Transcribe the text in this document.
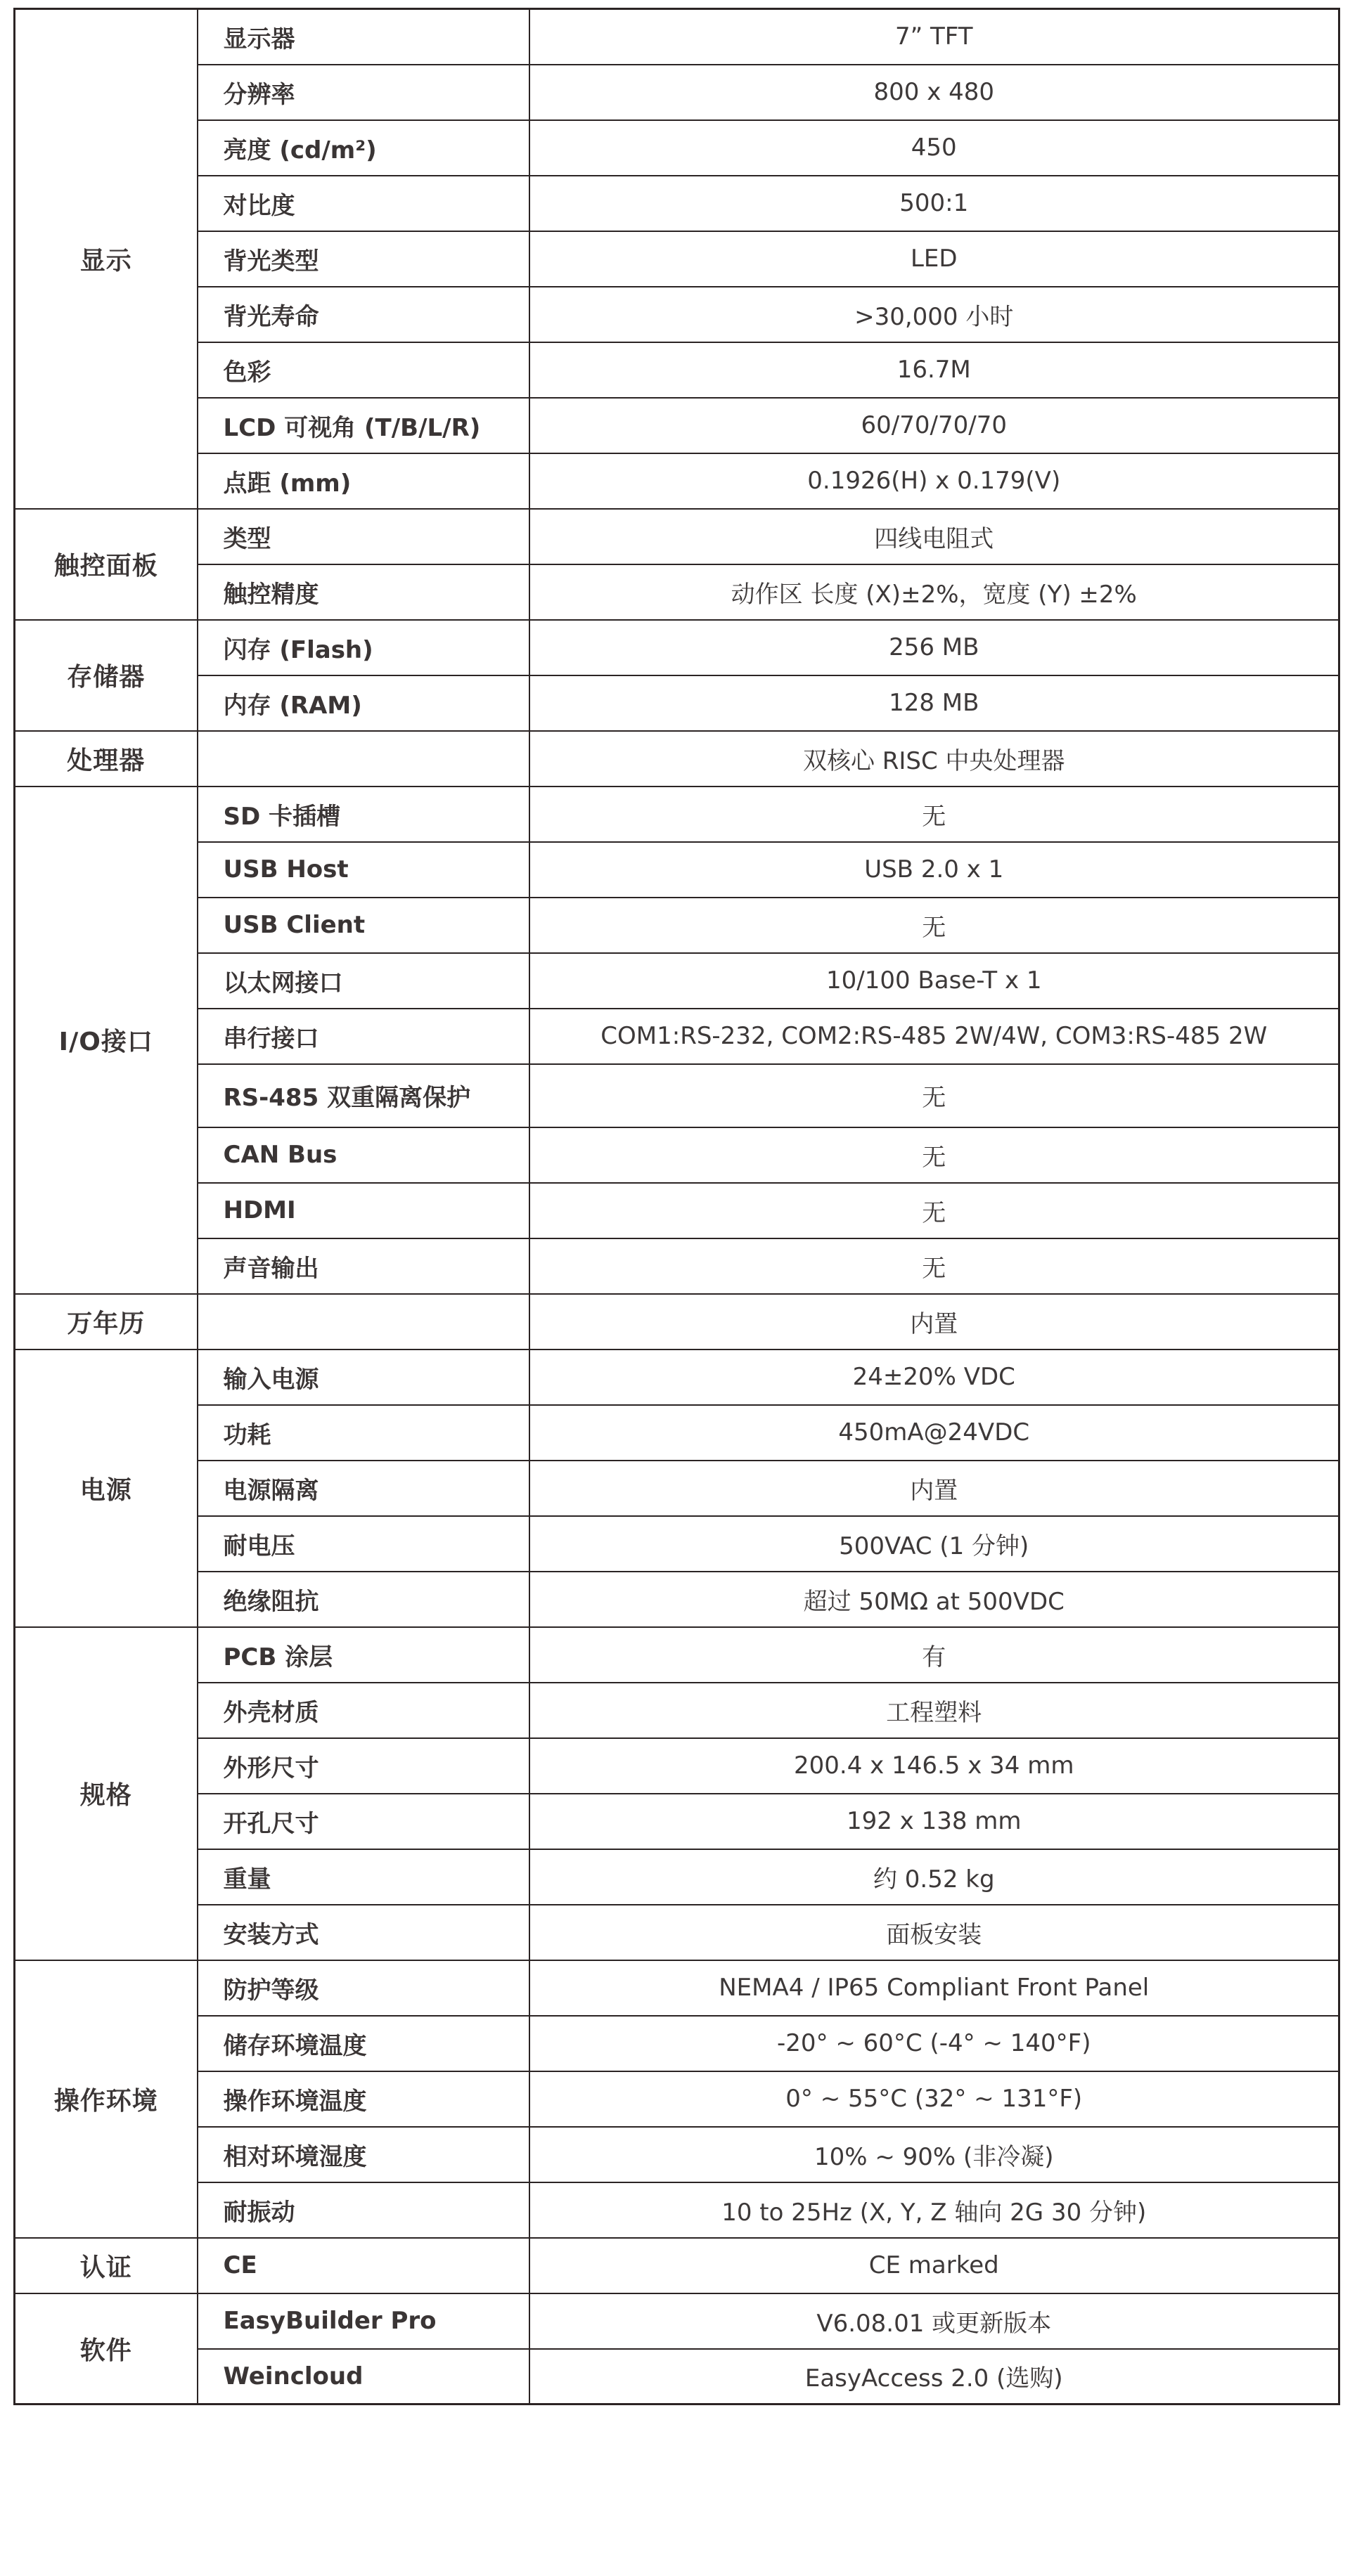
显示	显示器	7” TFT
	分辨率	800 x 480
	亮度 (cd/m²)	450
	对比度	500:1
	背光类型	LED
	背光寿命	>30,000 小时
	色彩	16.7M
	LCD 可视角 (T/B/L/R)	60/70/70/70
	点距 (mm)	0.1926(H) x 0.179(V)
触控面板	类型	四线电阻式
	触控精度	动作区 长度 (X)±2%，宽度 (Y) ±2%
存储器	闪存 (Flash)	256 MB
	内存 (RAM)	128 MB
处理器		双核心 RISC 中央处理器
I/O接口	SD 卡插槽	无
	USB Host	USB 2.0 x 1
	USB Client	无
	以太网接口	10/100 Base-T x 1
	串行接口	COM1:RS-232, COM2:RS-485 2W/4W, COM3:RS-485 2W
	RS-485 双重隔离保护	无
	CAN Bus	无
	HDMI	无
	声音输出	无
万年历		内置
电源	输入电源	24±20% VDC
	功耗	450mA@24VDC
	电源隔离	内置
	耐电压	500VAC (1 分钟)
	绝缘阻抗	超过 50MΩ at 500VDC
规格	PCB 涂层	有
	外壳材质	工程塑料
	外形尺寸	200.4 x 146.5 x 34 mm
	开孔尺寸	192 x 138 mm
	重量	约 0.52 kg
	安装方式	面板安装
操作环境	防护等级	NEMA4 / IP65 Compliant Front Panel
	储存环境温度	-20° ~ 60°C (-4° ~ 140°F)
	操作环境温度	0° ~ 55°C (32° ~ 131°F)
	相对环境湿度	10% ~ 90% (非冷凝)
	耐振动	10 to 25Hz (X, Y, Z 轴向 2G 30 分钟)
认证	CE	CE marked
软件	EasyBuilder Pro	V6.08.01 或更新版本
	Weincloud	EasyAccess 2.0 (选购)
